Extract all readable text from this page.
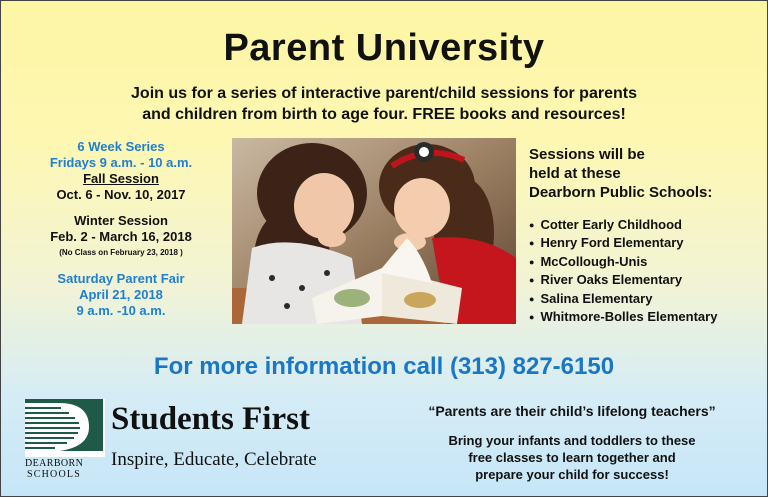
Parent University
Join us for a series of interactive parent/child sessions for parents
and children from birth to age four. FREE books and resources!
6 Week Series
Fridays 9 a.m. - 10 a.m.
Fall Session
Oct. 6 - Nov. 10, 2017
Winter Session
Feb. 2 - March 16, 2018
(No Class on February 23, 2018 )
Saturday Parent Fair
April 21, 2018
9 a.m. -10 a.m.
Sessions will be
held at these
Dearborn Public Schools:
● Cotter Early Childhood
● Henry Ford Elementary
● McCollough-Unis
● River Oaks Elementary
● Salina Elementary
● Whitmore-Bolles Elementary
For more information call (313) 827-6150
DEARBORN
SCHOOLS
Students First
Inspire, Educate, Celebrate
“Parents are their child’s lifelong teachers”
Bring your infants and toddlers to these
free classes to learn together and
prepare your child for success!
